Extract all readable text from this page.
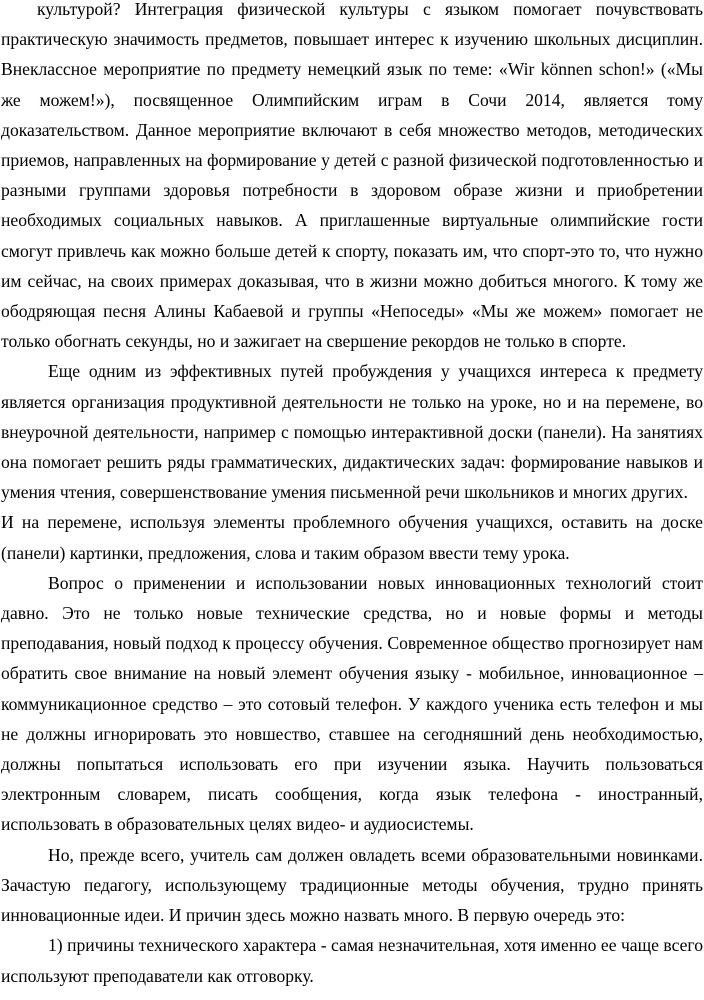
культурой? Интеграция физической культуры с языком помогает почувствовать практическую значимость предметов, повышает интерес к изучению школьных дисциплин. Внеклассное мероприятие по предмету немецкий язык по теме: «Wir können schon!» («Мы же можем!»), посвященное Олимпийским играм в Сочи 2014, является тому доказательством. Данное мероприятие включают в себя множество методов, методических приемов, направленных на формирование у детей с разной физической подготовленностью и разными группами здоровья потребности в здоровом образе жизни и приобретении необходимых социальных навыков. А приглашенные виртуальные олимпийские гости смогут привлечь как можно больше детей к спорту, показать им, что спорт-это то, что нужно им сейчас, на своих примерах доказывая, что в жизни можно добиться многого. К тому же ободряющая песня Алины Кабаевой и группы «Непоседы» «Мы же можем» помогает не только обогнать секунды, но и зажигает на свершение рекордов не только в спорте.

Еще одним из эффективных путей пробуждения у учащихся интереса к предмету является организация продуктивной деятельности не только на уроке, но и на перемене, во внеурочной деятельности, например с помощью интерактивной доски (панели). На занятиях она помогает решить ряды грамматических, дидактических задач: формирование навыков и умения чтения, совершенствование умения письменной речи школьников и многих других.

И на перемене, используя элементы проблемного обучения учащихся, оставить на доске (панели) картинки, предложения, слова и таким образом ввести тему урока.

Вопрос о применении и использовании новых инновационных технологий стоит давно. Это не только новые технические средства, но и новые формы и методы преподавания, новый подход к процессу обучения. Современное общество прогнозирует нам обратить свое внимание на новый элемент обучения языку - мобильное, инновационное – коммуникационное средство – это сотовый телефон. У каждого ученика есть телефон и мы не должны игнорировать это новшество, ставшее на сегодняшний день необходимостью, должны попытаться использовать его при изучении языка. Научить пользоваться электронным словарем, писать сообщения, когда язык телефона - иностранный, использовать в образовательных целях видео- и аудиосистемы.

Но, прежде всего, учитель сам должен овладеть всеми образовательными новинками. Зачастую педагогу, использующему традиционные методы обучения, трудно принять инновационные идеи. И причин здесь можно назвать много. В первую очередь это:

1) причины технического характера - самая незначительная, хотя именно ее чаще всего используют преподаватели как отговорку.
